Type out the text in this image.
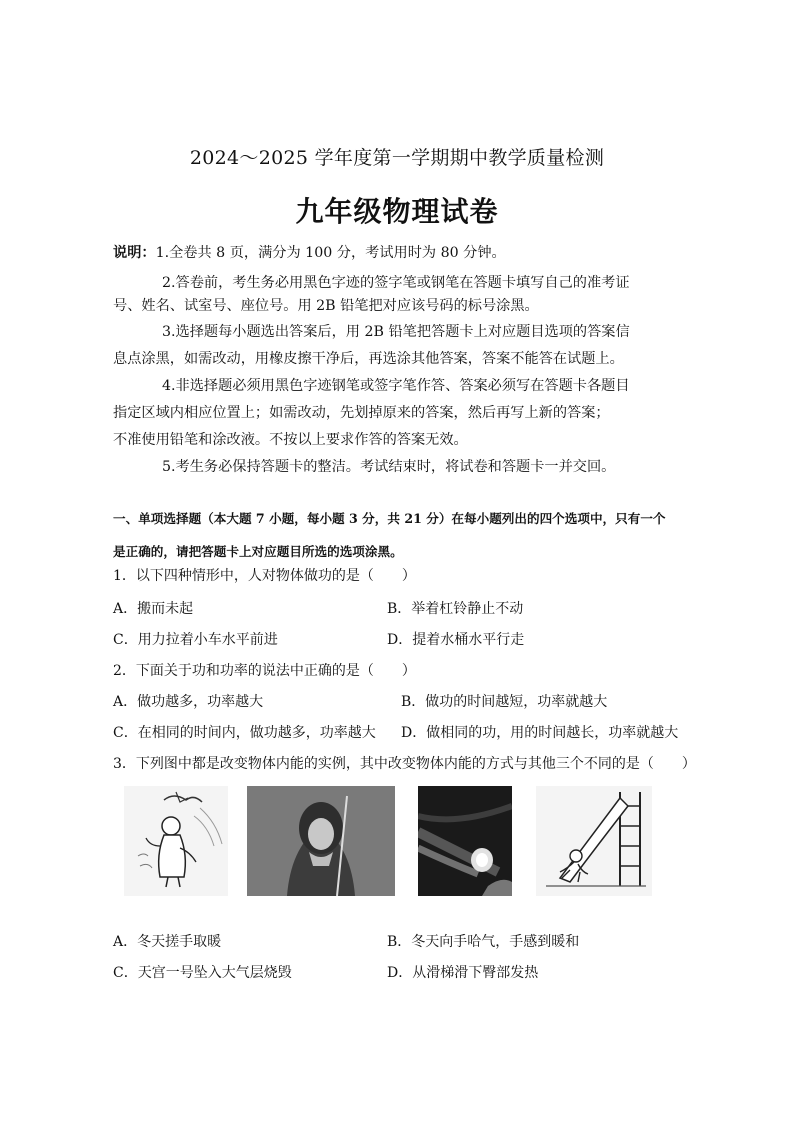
2024～2025 学年度第一学期期中教学质量检测
九年级物理试卷
说明：1.全卷共 8 页，满分为 100 分，考试用时为 80 分钟。
2.答卷前，考生务必用黑色字迹的签字笔或钢笔在答题卡填写自己的准考证
号、姓名、试室号、座位号。用 2B 铅笔把对应该号码的标号涂黑。
3.选择题每小题选出答案后，用 2B 铅笔把答题卡上对应题目选项的答案信
息点涂黑，如需改动，用橡皮擦干净后，再选涂其他答案，答案不能答在试题上。
4.非选择题必须用黑色字迹钢笔或签字笔作答、答案必须写在答题卡各题目
指定区域内相应位置上；如需改动，先划掉原来的答案，然后再写上新的答案；
不准使用铅笔和涂改液。不按以上要求作答的答案无效。
5.考生务必保持答题卡的整洁。考试结束时，将试卷和答题卡一并交回。
一、单项选择题（本大题 7 小题，每小题 3 分，共 21 分）在每小题列出的四个选项中，只有一个
是正确的，请把答题卡上对应题目所选的选项涂黑。
1．以下四种情形中，人对物体做功的是（　　）
A．搬而未起	B．举着杠铃静止不动
C．用力拉着小车水平前进	D．提着水桶水平行走
2．下面关于功和功率的说法中正确的是（　　）
A．做功越多，功率越大	B．做功的时间越短，功率就越大
C．在相同的时间内，做功越多，功率越大 D．做相同的功，用的时间越长，功率就越大
3．下列图中都是改变物体内能的实例，其中改变物体内能的方式与其他三个不同的是（　　）
A．冬天搓手取暖	B．冬天向手哈气，手感到暖和
C．天宫一号坠入大气层烧毁	D．从滑梯滑下臀部发热
